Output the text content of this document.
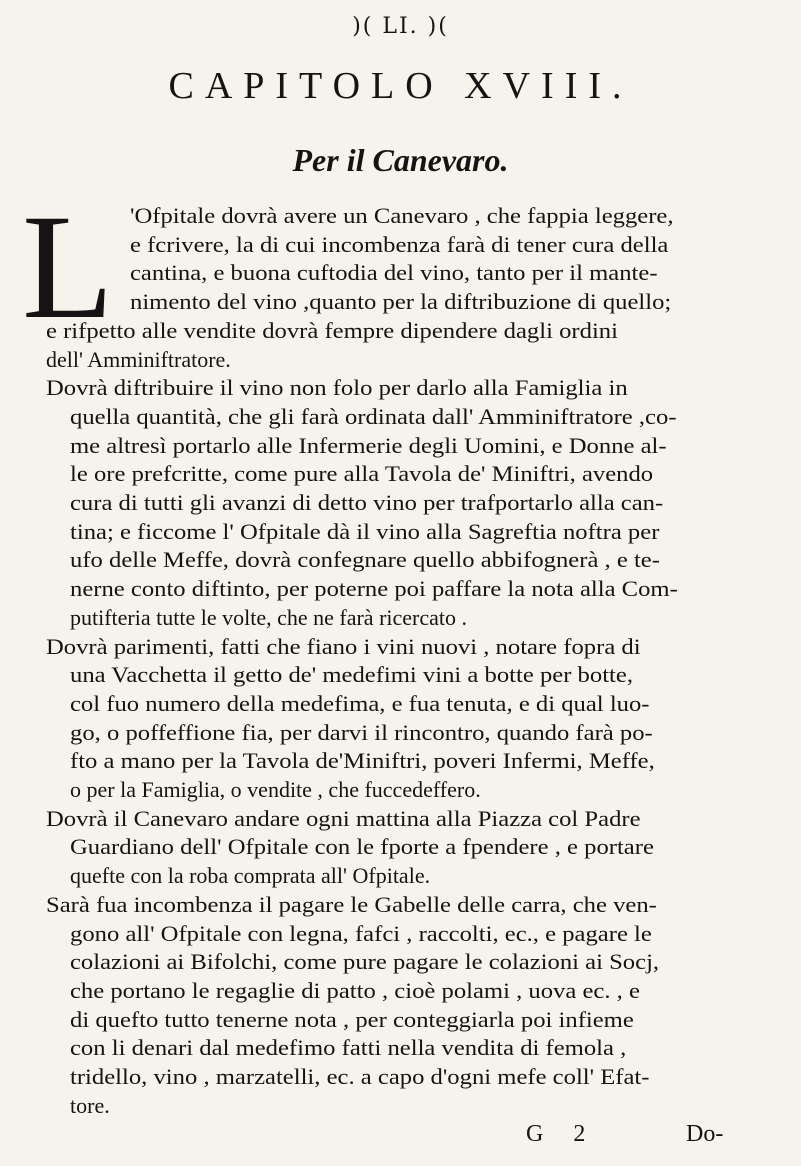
)( LI. )(
CAPITOLO XVIII.
Per il Canevaro.
L 'Ofpitale dovrà avere un Canevaro , che fappia leggere,
e fcrivere, la di cui incombenza farà di tener cura della
cantina, e buona cuftodia del vino, tanto per il mante-
nimento del vino ,quanto per la diftribuzione di quello;
e rifpetto alle vendite dovrà fempre dipendere dagli ordini
dell' Amminiftratore.
Dovrà diftribuire il vino non folo per darlo alla Famiglia in
quella quantità, che gli farà ordinata dall' Amminiftratore ,co-
me altresì portarlo alle Infermerie degli Uomini, e Donne al-
le ore prefcritte, come pure alla Tavola de' Miniftri, avendo
cura di tutti gli avanzi di detto vino per trafportarlo alla can-
tina; e ficcome l' Ofpitale dà il vino alla Sagreftia noftra per
ufo delle Meffe, dovrà confegnare quello abbifognerà , e te-
nerne conto diftinto, per poterne poi paffare la nota alla Com-
putifteria tutte le volte, che ne farà ricercato .
Dovrà parimenti, fatti che fiano i vini nuovi , notare fopra di
una Vacchetta il getto de' medefimi vini a botte per botte,
col fuo numero della medefima, e fua tenuta, e di qual luo-
go, o poffeffione fia, per darvi il rincontro, quando farà po-
fto a mano per la Tavola de'Miniftri, poveri Infermi, Meffe,
o per la Famiglia, o vendite , che fuccedeffero.
Dovrà il Canevaro andare ogni mattina alla Piazza col Padre
Guardiano dell' Ofpitale con le fporte a fpendere , e portare
quefte con la roba comprata all' Ofpitale.
Sarà fua incombenza il pagare le Gabelle delle carra, che ven-
gono all' Ofpitale con legna, fafci , raccolti, ec., e pagare le
colazioni ai Bifolchi, come pure pagare le colazioni ai Socj,
che portano le regaglie di patto , cioè polami , uova ec. , e
di quefto tutto tenerne nota , per conteggiarla poi infieme
con li denari dal medefimo fatti nella vendita di femola ,
tridello, vino , marzatelli, ec. a capo d'ogni mefe coll' Efat-
tore.
G 2	Do-
